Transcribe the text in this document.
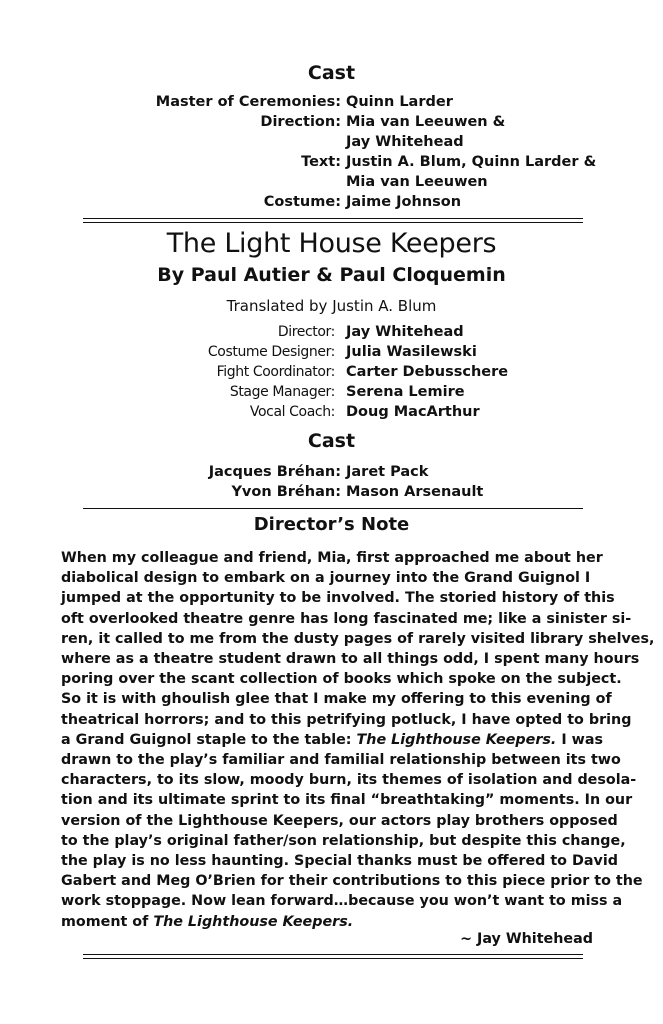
Cast
Master of Ceremonies: Quinn Larder
Direction: Mia van Leeuwen &
Jay Whitehead
Text: Justin A. Blum, Quinn Larder &
Mia van Leeuwen
Costume: Jaime Johnson
The Light House Keepers
By Paul Autier & Paul Cloquemin
Translated by Justin A. Blum
Director: Jay Whitehead
Costume Designer: Julia Wasilewski
Fight Coordinator: Carter Debusschere
Stage Manager: Serena Lemire
Vocal Coach: Doug MacArthur
Cast
Jacques Bréhan: Jaret Pack
Yvon Bréhan: Mason Arsenault
Director’s Note
When my colleague and friend, Mia, first approached me about her
diabolical design to embark on a journey into the Grand Guignol I
jumped at the opportunity to be involved. The storied history of this
oft overlooked theatre genre has long fascinated me; like a sinister si-
ren, it called to me from the dusty pages of rarely visited library shelves,
where as a theatre student drawn to all things odd, I spent many hours
poring over the scant collection of books which spoke on the subject.
So it is with ghoulish glee that I make my offering to this evening of
theatrical horrors; and to this petrifying potluck, I have opted to bring
a Grand Guignol staple to the table: The Lighthouse Keepers. I was
drawn to the play’s familiar and familial relationship between its two
characters, to its slow, moody burn, its themes of isolation and desola-
tion and its ultimate sprint to its final “breathtaking” moments. In our
version of the Lighthouse Keepers, our actors play brothers opposed
to the play’s original father/son relationship, but despite this change,
the play is no less haunting. Special thanks must be offered to David
Gabert and Meg O’Brien for their contributions to this piece prior to the
work stoppage. Now lean forward…because you won’t want to miss a
moment of The Lighthouse Keepers.
~ Jay Whitehead
